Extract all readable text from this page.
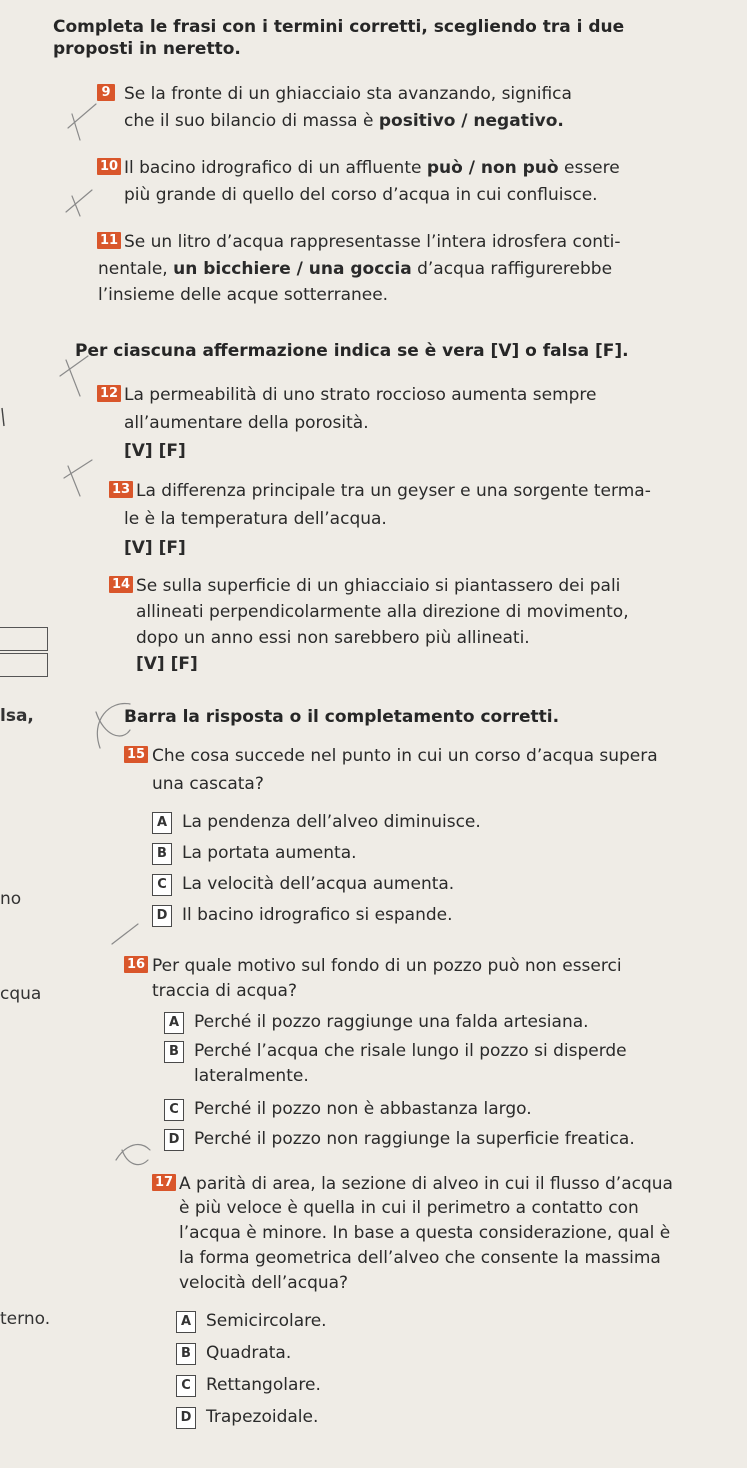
Completa le frasi con i termini corretti, scegliendo tra i due
proposti in neretto.
9 Se la fronte di un ghiacciaio sta avanzando, significa
che il suo bilancio di massa è positivo / negativo.
10 Il bacino idrografico di un affluente può / non può essere
più grande di quello del corso d’acqua in cui confluisce.
11 Se un litro d’acqua rappresentasse l’intera idrosfera conti-
nentale, un bicchiere / una goccia d’acqua raffigurerebbe
l’insieme delle acque sotterranee.
Per ciascuna affermazione indica se è vera [V] o falsa [F].
12 La permeabilità di uno strato roccioso aumenta sempre
all’aumentare della porosità.
[V] [F]
13 La differenza principale tra un geyser e una sorgente terma-
le è la temperatura dell’acqua.
[V] [F]
14 Se sulla superficie di un ghiacciaio si piantassero dei pali
allineati perpendicolarmente alla direzione di movimento,
dopo un anno essi non sarebbero più allineati.
[V] [F]
lsa,	Barra la risposta o il completamento corretti.
15 Che cosa succede nel punto in cui un corso d’acqua supera
una cascata?
A La pendenza dell’alveo diminuisce.
B La portata aumenta.
C La velocità dell’acqua aumenta.
D Il bacino idrografico si espande.
no
16 Per quale motivo sul fondo di un pozzo può non esserci
traccia di acqua?
cqua
A Perché il pozzo raggiunge una falda artesiana.
B Perché l’acqua che risale lungo il pozzo si disperde
lateralmente.
C Perché il pozzo non è abbastanza largo.
D Perché il pozzo non raggiunge la superficie freatica.
17 A parità di area, la sezione di alveo in cui il flusso d’acqua
è più veloce è quella in cui il perimetro a contatto con
l’acqua è minore. In base a questa considerazione, qual è
la forma geometrica dell’alveo che consente la massima
velocità dell’acqua?
terno.	A Semicircolare.
B Quadrata.
C Rettangolare.
D Trapezoidale.
